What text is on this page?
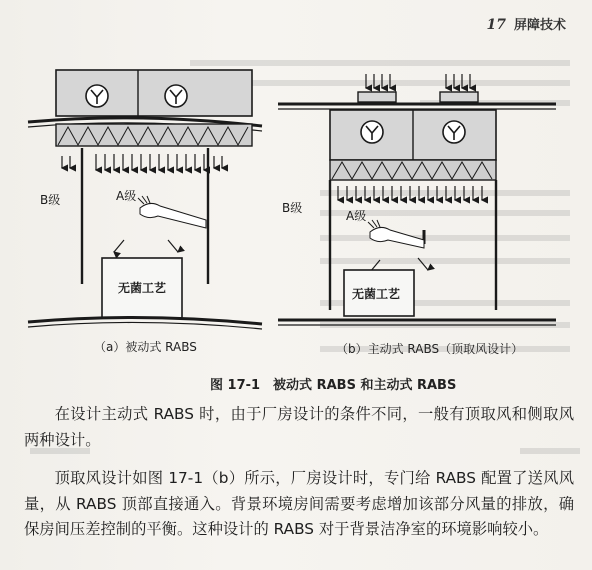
17 屏障技术
B级	A级
无菌工艺
B级
A级
无菌工艺
（a）被动式 RABS	（b）主动式 RABS（顶取风设计）
图 17-1　被动式 RABS 和主动式 RABS

在设计主动式 RABS 时，由于厂房设计的条件不同，一般有顶取风和侧取风两种设计。

顶取风设计如图 17-1（b）所示，厂房设计时，专门给 RABS 配置了送风风量，从 RABS 顶部直接通入。背景环境房间需要考虑增加该部分风量的排放，确保房间压差控制的平衡。这种设计的 RABS 对于背景洁净室的环境影响较小。
